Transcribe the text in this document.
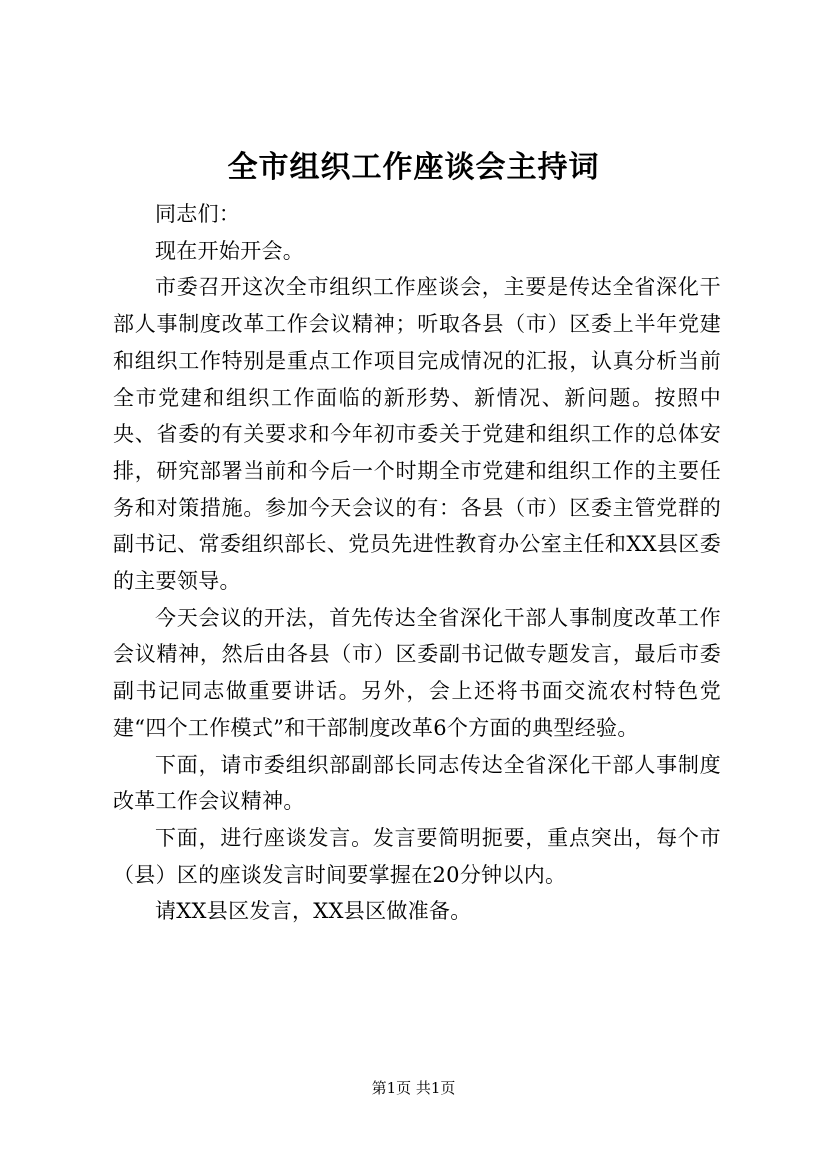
全市组织工作座谈会主持词

同志们：

现在开始开会。

市委召开这次全市组织工作座谈会，主要是传达全省深化干部人事制度改革工作会议精神；听取各县（市）区委上半年党建和组织工作特别是重点工作项目完成情况的汇报，认真分析当前全市党建和组织工作面临的新形势、新情况、新问题。按照中央、省委的有关要求和今年初市委关于党建和组织工作的总体安排，研究部署当前和今后一个时期全市党建和组织工作的主要任务和对策措施。参加今天会议的有：各县（市）区委主管党群的副书记、常委组织部长、党员先进性教育办公室主任和XX县区委的主要领导。

今天会议的开法，首先传达全省深化干部人事制度改革工作会议精神，然后由各县（市）区委副书记做专题发言，最后市委副书记同志做重要讲话。另外，会上还将书面交流农村特色党建“四个工作模式”和干部制度改革6个方面的典型经验。

下面，请市委组织部副部长同志传达全省深化干部人事制度改革工作会议精神。

下面，进行座谈发言。发言要简明扼要，重点突出，每个市（县）区的座谈发言时间要掌握在20分钟以内。

请XX县区发言，XX县区做准备。

第1页 共1页
